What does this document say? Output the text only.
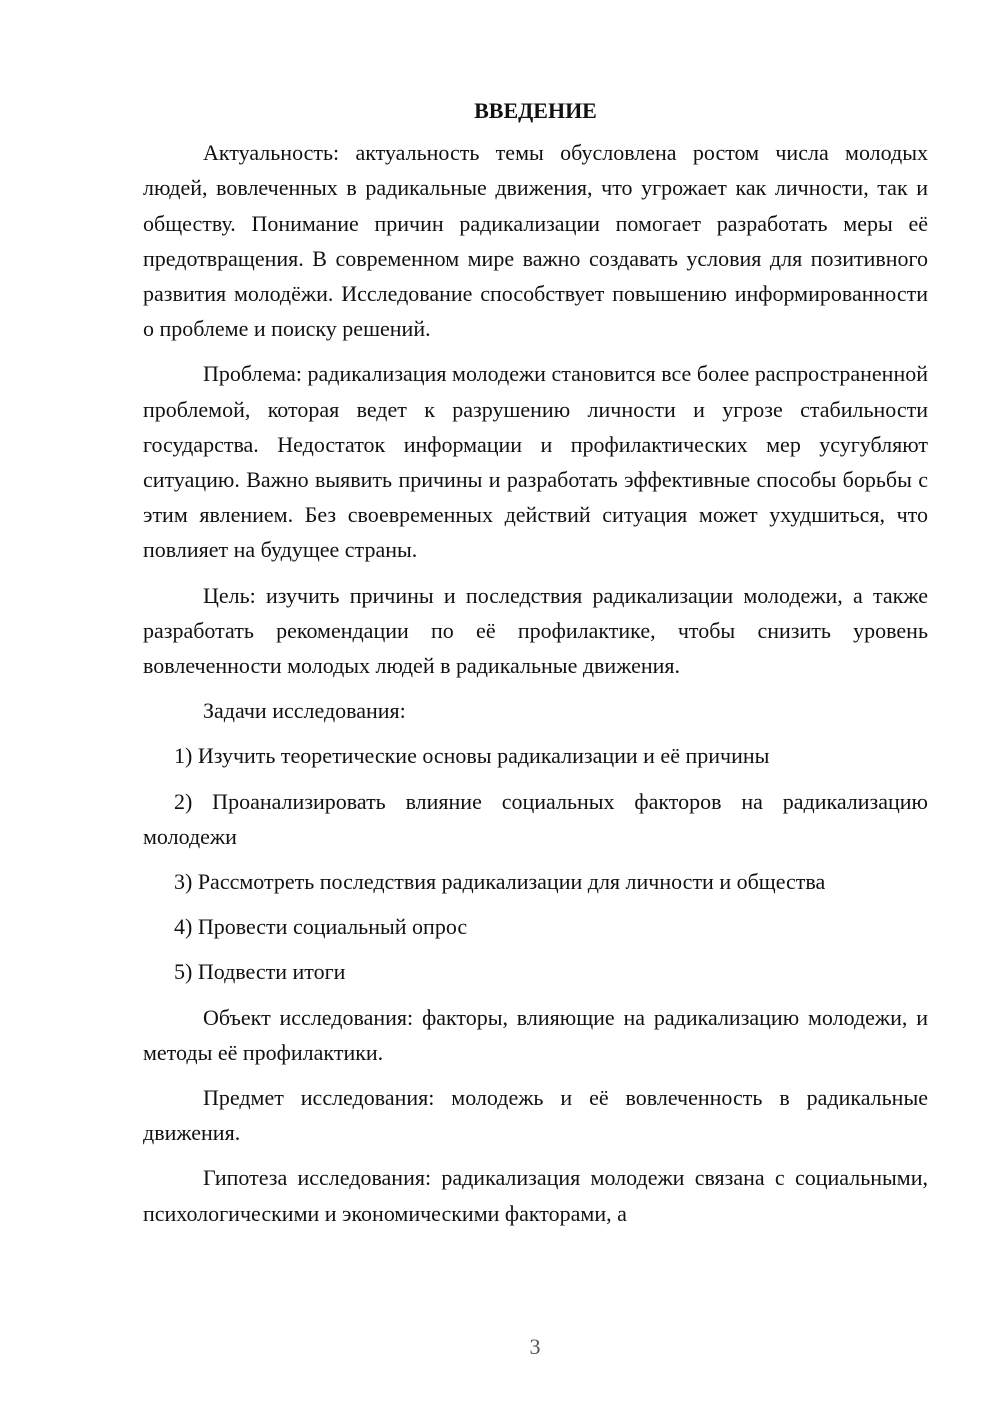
ВВЕДЕНИЕ

Актуальность: актуальность темы обусловлена ростом числа молодых людей, вовлеченных в радикальные движения, что угрожает как личности, так и обществу. Понимание причин радикализации помогает разработать меры её предотвращения. В современном мире важно создавать условия для позитивного развития молодёжи. Исследование способствует повышению информированности о проблеме и поиску решений.

Проблема: радикализация молодежи становится все более распространенной проблемой, которая ведет к разрушению личности и угрозе стабильности государства. Недостаток информации и профилактических мер усугубляют ситуацию. Важно выявить причины и разработать эффективные способы борьбы с этим явлением. Без своевременных действий ситуация может ухудшиться, что повлияет на будущее страны.

Цель: изучить причины и последствия радикализации молодежи, а также разработать рекомендации по её профилактике, чтобы снизить уровень вовлеченности молодых людей в радикальные движения.

Задачи исследования:

1) Изучить теоретические основы радикализации и её причины

2) Проанализировать влияние социальных факторов на радикализацию молодежи

3) Рассмотреть последствия радикализации для личности и общества

4) Провести социальный опрос

5) Подвести итоги

Объект исследования: факторы, влияющие на радикализацию молодежи, и методы её профилактики.

Предмет исследования: молодежь и её вовлеченность в радикальные движения.

Гипотеза исследования: радикализация молодежи связана с социальными, психологическими и экономическими факторами, а

3
